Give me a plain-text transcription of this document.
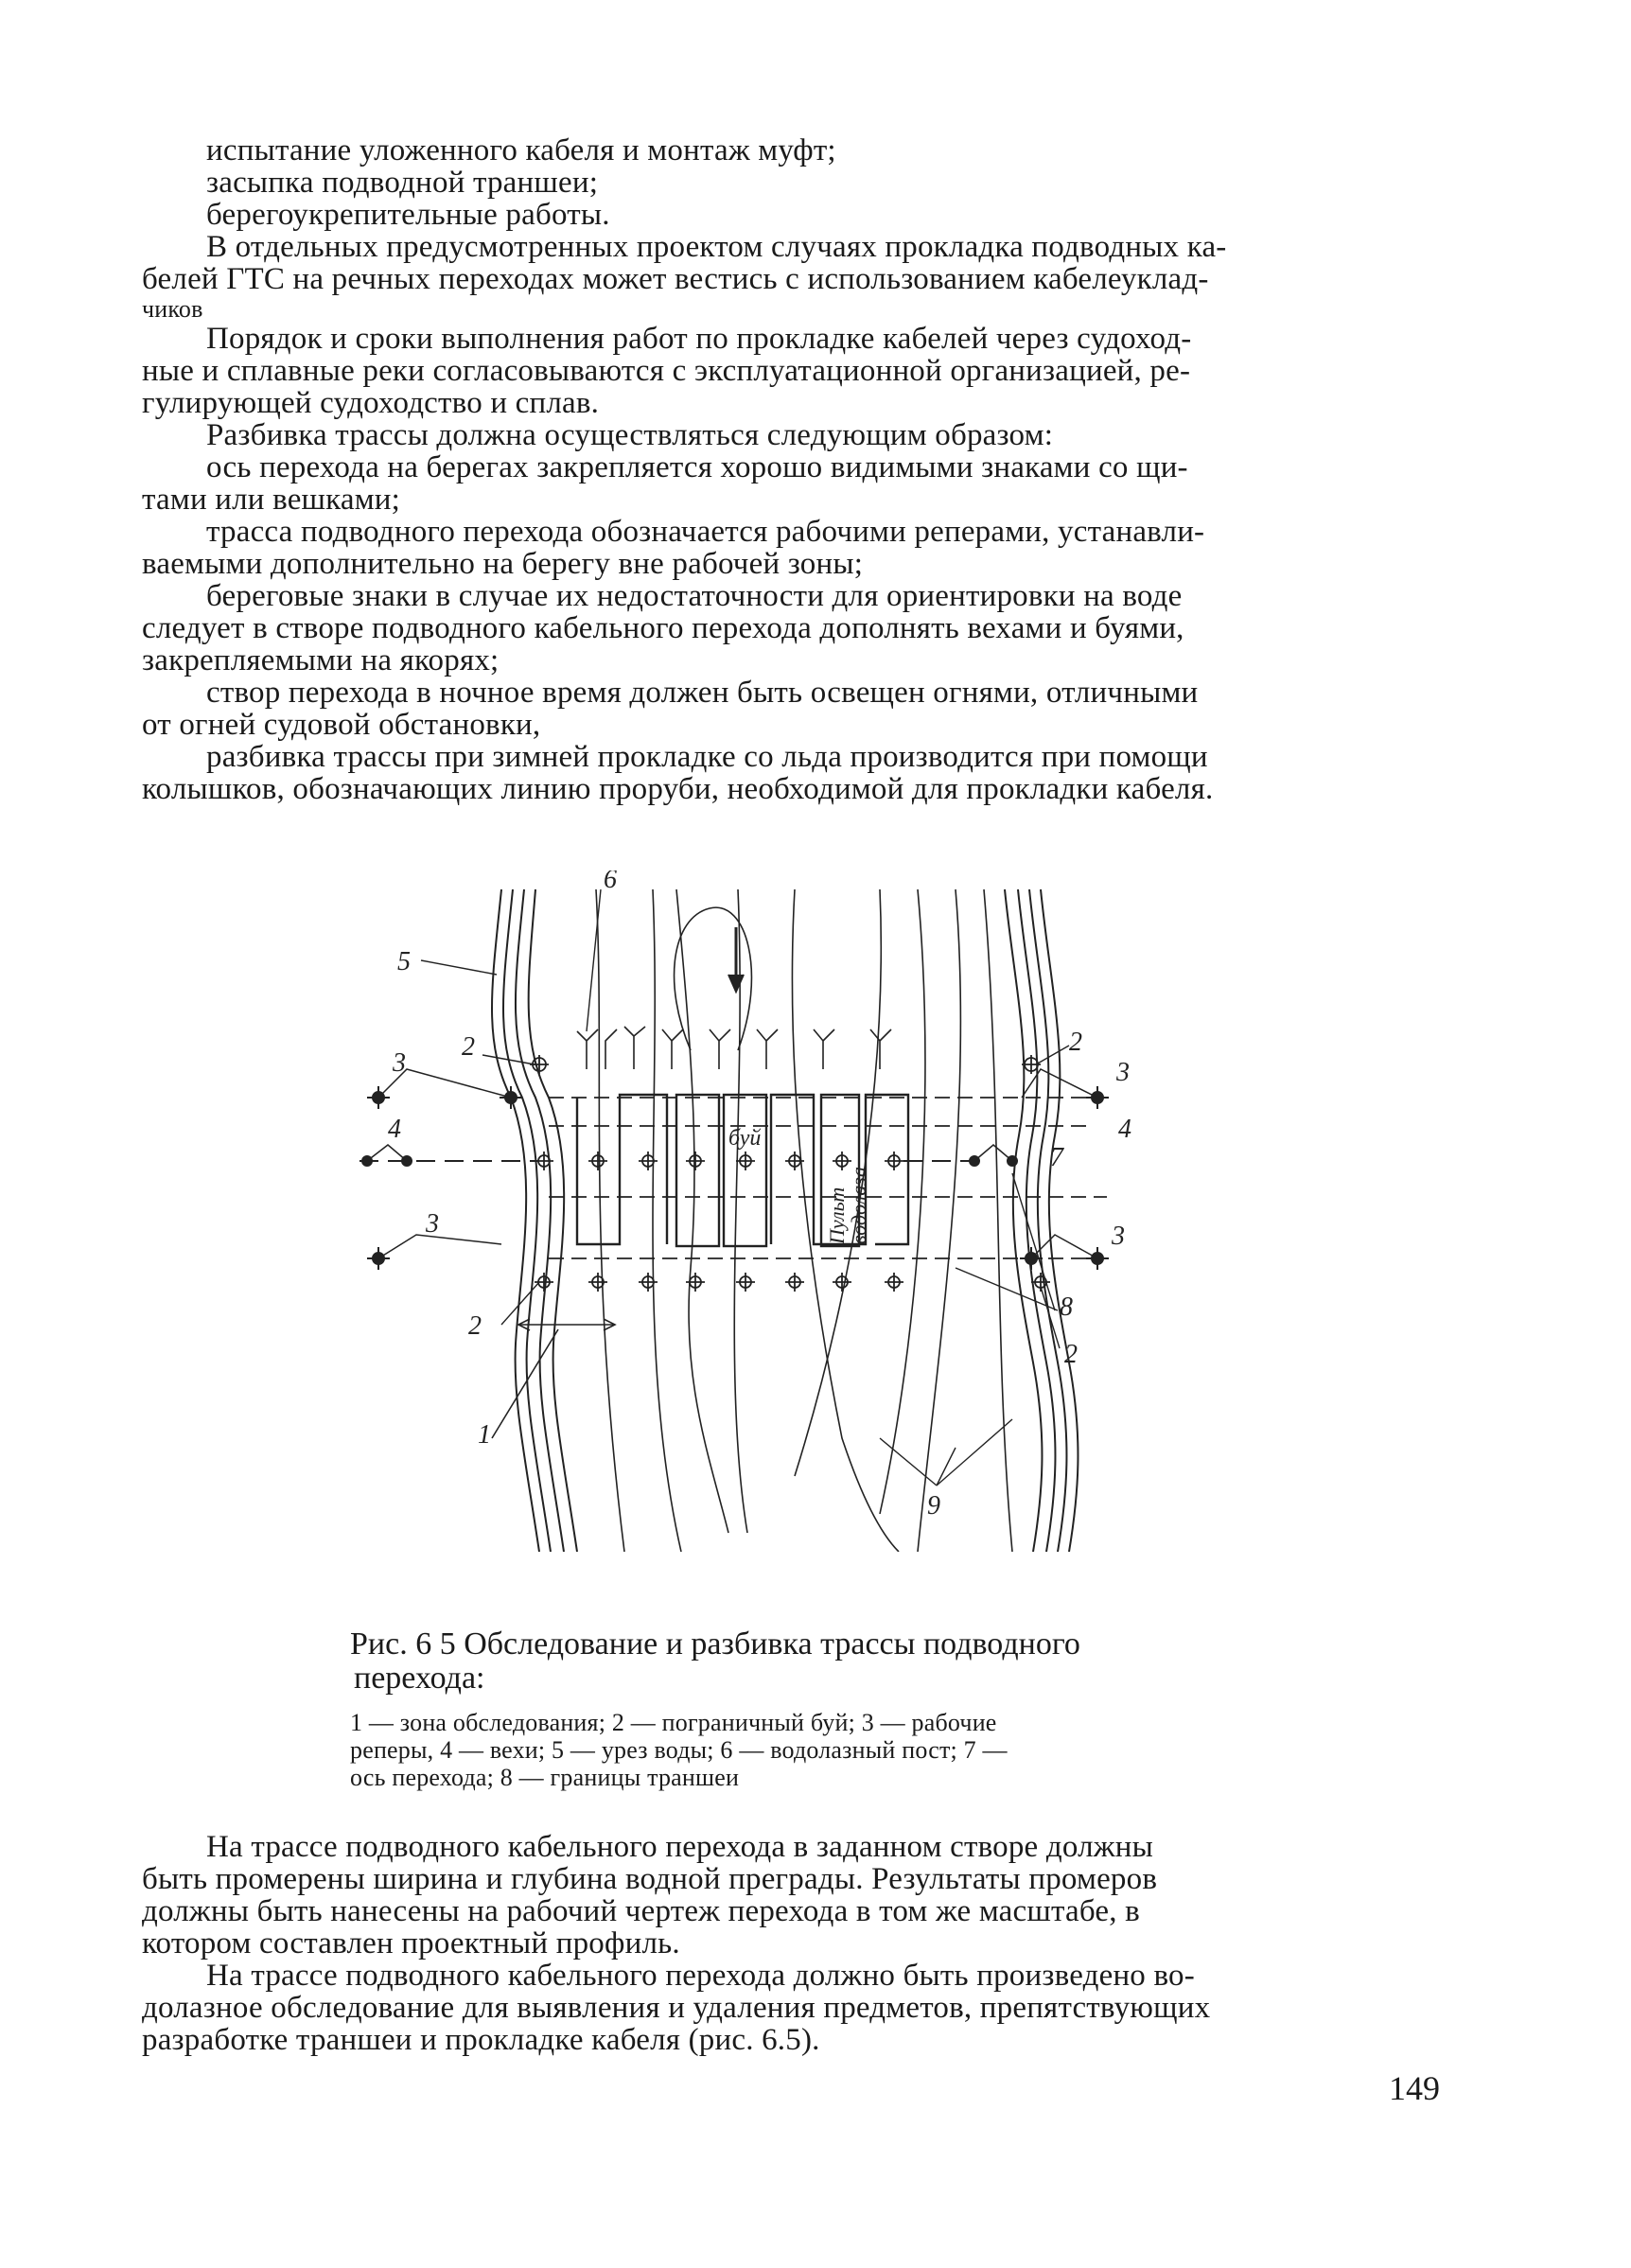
испытание уложенного кабеля и монтаж муфт;
засыпка подводной траншеи;
берегоукрепительные работы.
В отдельных предусмотренных проектом случаях прокладка подводных ка-
белей ГТС на речных переходах может вестись с использованием кабелеуклад-
чиков
Порядок и сроки выполнения работ по прокладке кабелей через судоход-
ные и сплавные реки согласовываются с эксплуатационной организацией, ре-
гулирующей судоходство и сплав.
Разбивка трассы должна осуществляться следующим образом:
ось перехода на берегах закрепляется хорошо видимыми знаками со щи-
тами или вешками;
трасса подводного перехода обозначается рабочими реперами, устанавли-
ваемыми дополнительно на берегу вне рабочей зоны;
береговые знаки в случае их недостаточности для ориентировки на воде
следует в створе подводного кабельного перехода дополнять вехами и буями,
закрепляемыми на якорях;
створ перехода в ночное время должен быть освещен огнями, отличными
от огней судовой обстановки,
разбивка трассы при зимней прокладке со льда производится при помощи
колышков, обозначающих линию проруби, необходимой для прокладки кабеля.
5
6
2	2
3	3
4	4
7
3	3
8
2
2
1
9
буй
Пульт
водолаза
Рис. 6 5 Обследование и разбивка трассы подводного
перехода:
1 — зона обследования; 2 — пограничный буй; 3 — рабочие
реперы, 4 — вехи; 5 — урез воды; 6 — водолазный пост; 7 —
ось перехода; 8 — границы траншеи
На трассе подводного кабельного перехода в заданном створе должны
быть промерены ширина и глубина водной преграды. Результаты промеров
должны быть нанесены на рабочий чертеж перехода в том же масштабе, в
котором составлен проектный профиль.
На трассе подводного кабельного перехода должно быть произведено во-
долазное обследование для выявления и удаления предметов, препятствующих
разработке траншеи и прокладке кабеля (рис. 6.5).
149
